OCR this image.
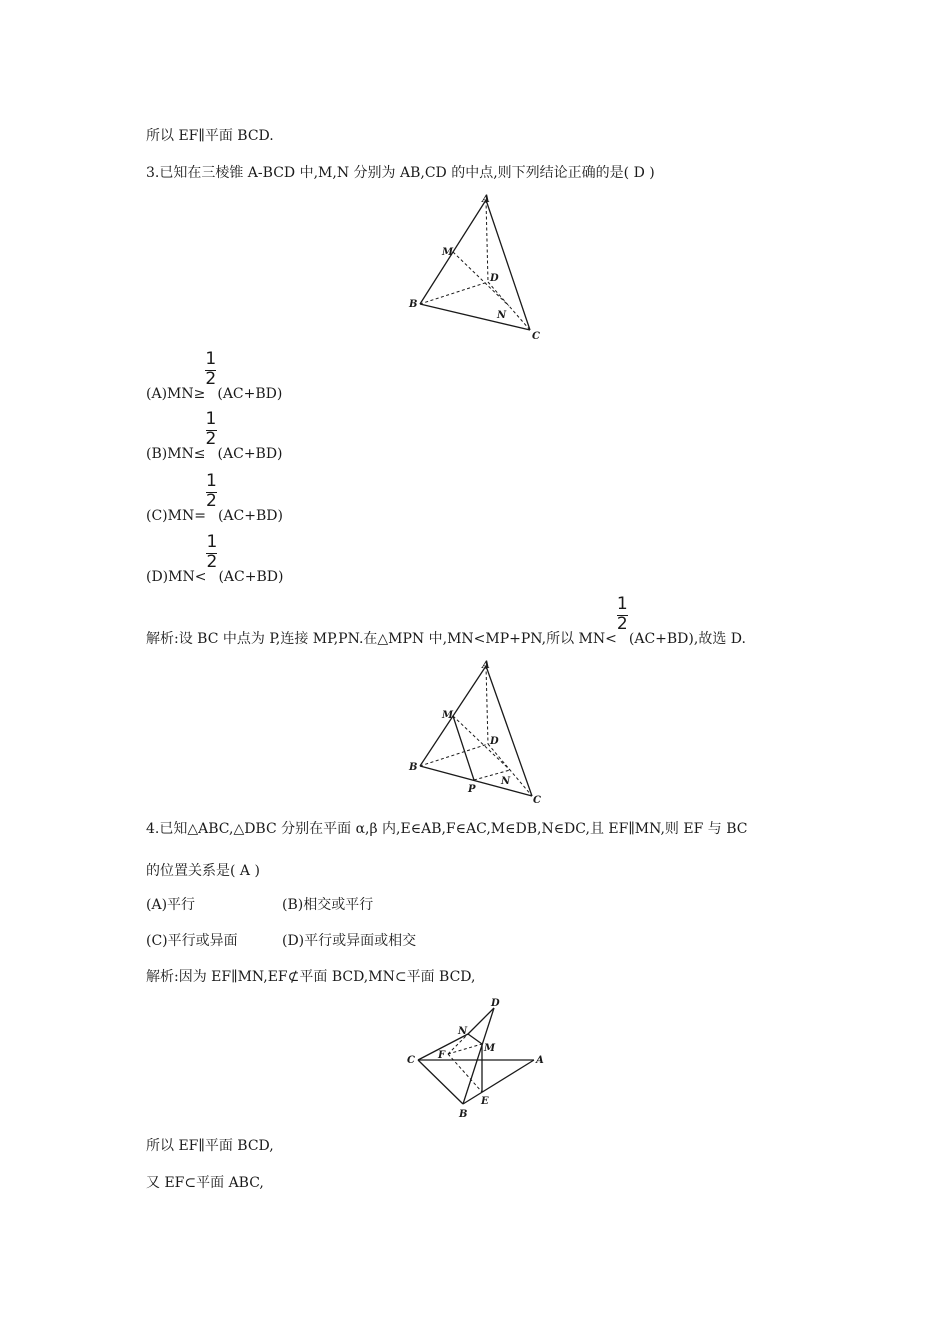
所以 EF∥平面 BCD.
3.已知在三棱锥 A-BCD 中,M,N 分别为 AB,CD 的中点,则下列结论正确的是( D )
A
M
D
B
N
C
$(A)MN\ge \frac{1}{2} (AC+BD)$
$(B)MN\le \frac{1}{2} (AC+BD)$
$(C)MN= \frac{1}{2} (AC+BD)$
$(D)MN< \frac{1}{2} (AC+BD)$
解析:设 BC 中点为 P,连接 MP,PN.在△MPN 中,MN<MP+PN,所以 $MN< \frac{1}{2} (AC+BD)$,故选 D.
A
M
D
B
N
P
C
4.已知△ABC,△DBC 分别在平面 α,β 内,E∈AB,F∈AC,M∈DB,N∈DC,且 EF∥MN,则 EF 与 BC
的位置关系是( A )
(A)平行	(B)相交或平行
(C)平行或异面	(D)平行或异面或相交
解析:因为 EF∥MN,EF⊄平面 BCD,MN⊂平面 BCD,
D
N
M
F
C	A
E
B
所以 EF∥平面 BCD,
又 EF⊂平面 ABC,
